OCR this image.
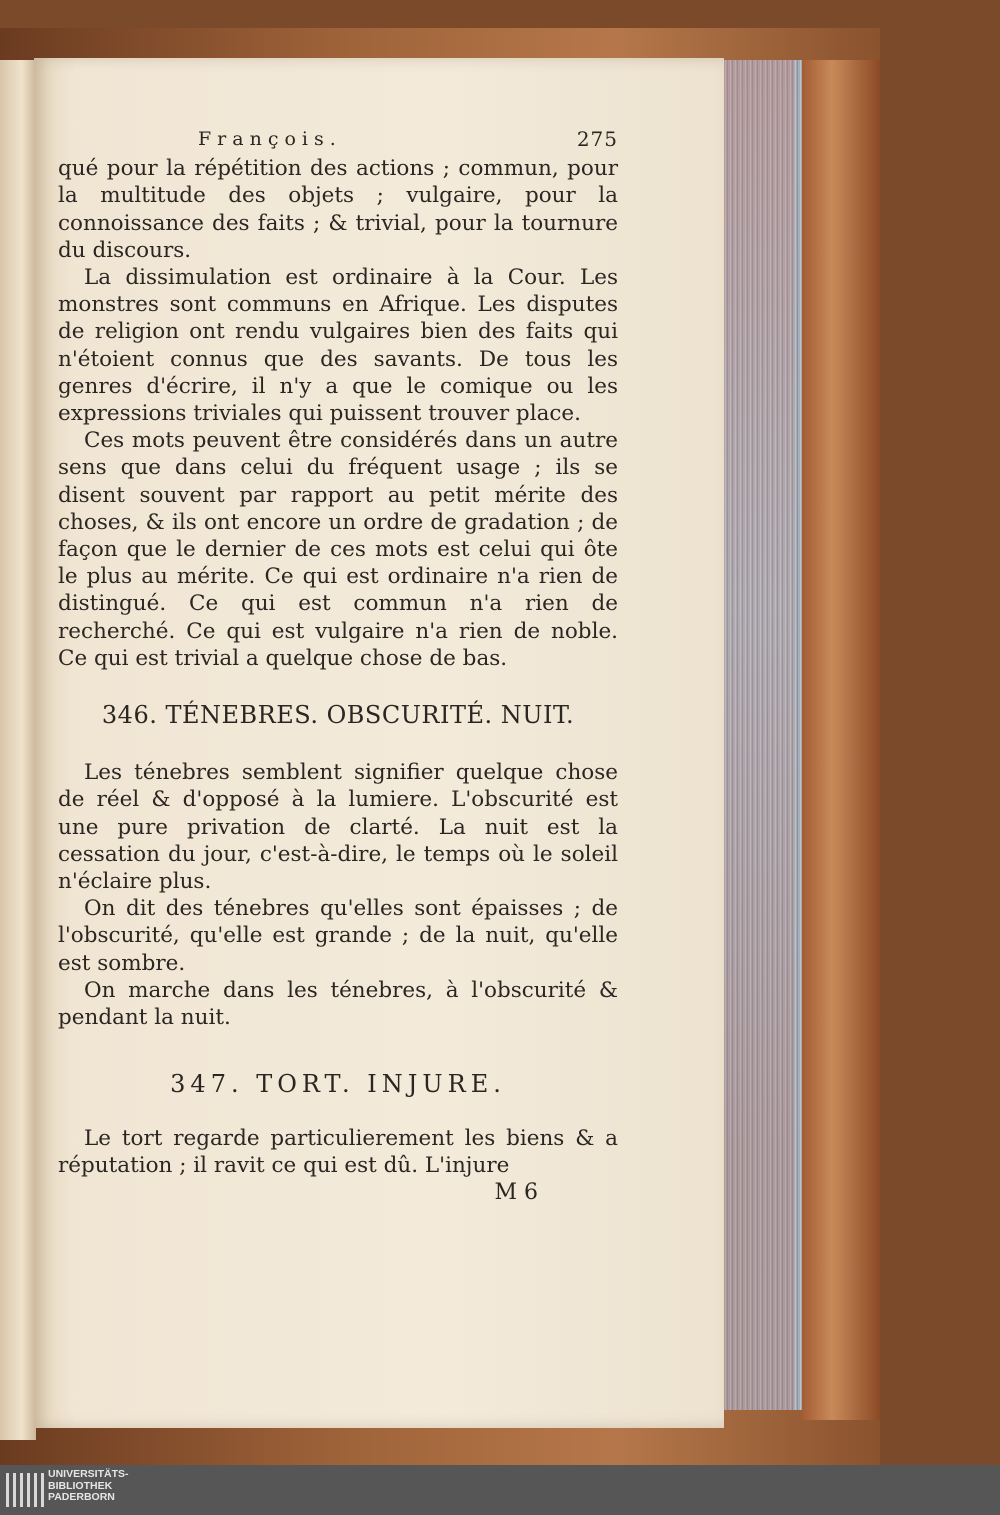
François.	275

qué pour la répétition des actions ; commun, pour la multitude des objets ; vulgaire, pour la connoissance des faits ; & trivial, pour la tournure du discours.

La dissimulation est ordinaire à la Cour. Les monstres sont communs en Afrique. Les disputes de religion ont rendu vulgaires bien des faits qui n'étoient connus que des savants. De tous les genres d'écrire, il n'y a que le comique ou les expressions triviales qui puissent trouver place.

Ces mots peuvent être considérés dans un autre sens que dans celui du fréquent usage ; ils se disent souvent par rapport au petit mérite des choses, & ils ont encore un ordre de gradation ; de façon que le dernier de ces mots est celui qui ôte le plus au mérite. Ce qui est ordinaire n'a rien de distingué. Ce qui est commun n'a rien de recherché. Ce qui est vulgaire n'a rien de noble. Ce qui est trivial a quelque chose de bas.

346. TÉNEBRES. OBSCURITÉ. NUIT.

Les ténebres semblent signifier quelque chose de réel & d'opposé à la lumiere. L'obscurité est une pure privation de clarté. La nuit est la cessation du jour, c'est-à-dire, le temps où le soleil n'éclaire plus.

On dit des ténebres qu'elles sont épaisses ; de l'obscurité, qu'elle est grande ; de la nuit, qu'elle est sombre.

On marche dans les ténebres, à l'obscurité & pendant la nuit.

347. TORT. INJURE.

Le tort regarde particulierement les biens & a réputation ; il ravit ce qui est dû. L'injure

M 6
UNIVERSITÄTS-
BIBLIOTHEK
PADERBORN
